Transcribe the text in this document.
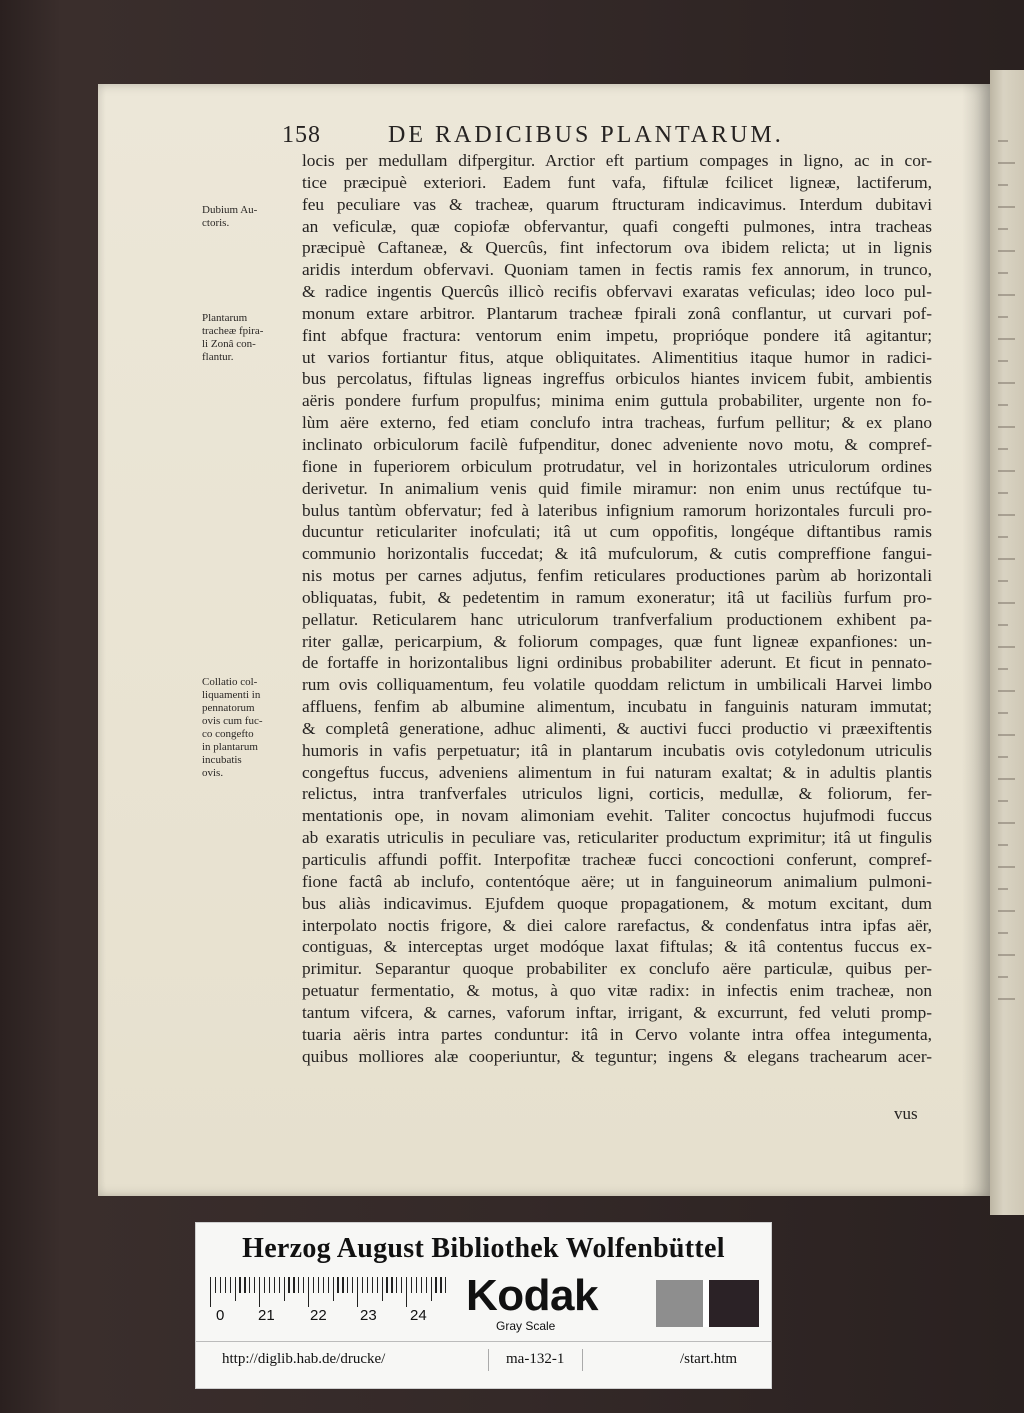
158	DE RADICIBUS PLANTARUM.
locis per medullam difpergitur. Arctior eft partium compages in ligno, ac in cor-
tice præcipuè exteriori. Eadem funt vafa, fiftulæ fcilicet ligneæ, lactiferum,
feu peculiare vas & tracheæ, quarum ftructuram indicavimus. Interdum dubitavi
an veficulæ, quæ copiofæ obfervantur, quafi congefti pulmones, intra tracheas
præcipuè Caftaneæ, & Quercûs, fint infectorum ova ibidem relicta; ut in lignis
aridis interdum obfervavi. Quoniam tamen in fectis ramis fex annorum, in trunco,
& radice ingentis Quercûs illicò recifis obfervavi exaratas veficulas; ideo loco pul-
monum extare arbitror. Plantarum tracheæ fpirali zonâ conflantur, ut curvari pof-
fint abfque fractura: ventorum enim impetu, proprióque pondere itâ agitantur;
ut varios fortiantur fitus, atque obliquitates. Alimentitius itaque humor in radici-
bus percolatus, fiftulas ligneas ingreffus orbiculos hiantes invicem fubit, ambientis
aëris pondere furfum propulfus; minima enim guttula probabiliter, urgente non fo-
lùm aëre externo, fed etiam conclufo intra tracheas, furfum pellitur; & ex plano
inclinato orbiculorum facilè fufpenditur, donec adveniente novo motu, & compref-
fione in fuperiorem orbiculum protrudatur, vel in horizontales utriculorum ordines
derivetur. In animalium venis quid fimile miramur: non enim unus rectúfque tu-
bulus tantùm obfervatur; fed à lateribus infignium ramorum horizontales furculi pro-
ducuntur reticulariter inofculati; itâ ut cum oppofitis, longéque diftantibus ramis
communio horizontalis fuccedat; & itâ mufculorum, & cutis compreffione fangui-
nis motus per carnes adjutus, fenfim reticulares productiones parùm ab horizontali
obliquatas, fubit, & pedetentim in ramum exoneratur; itâ ut faciliùs furfum pro-
pellatur. Reticularem hanc utriculorum tranfverfalium productionem exhibent pa-
riter gallæ, pericarpium, & foliorum compages, quæ funt ligneæ expanfiones: un-
de fortaffe in horizontalibus ligni ordinibus probabiliter aderunt. Et ficut in pennato-
rum ovis colliquamentum, feu volatile quoddam relictum in umbilicali Harvei limbo
affluens, fenfim ab albumine alimentum, incubatu in fanguinis naturam immutat;
& completâ generatione, adhuc alimenti, & auctivi fucci productio vi præexiftentis
humoris in vafis perpetuatur; itâ in plantarum incubatis ovis cotyledonum utriculis
congeftus fuccus, adveniens alimentum in fui naturam exaltat; & in adultis plantis
relictus, intra tranfverfales utriculos ligni, corticis, medullæ, & foliorum, fer-
mentationis ope, in novam alimoniam evehit. Taliter concoctus hujufmodi fuccus
ab exaratis utriculis in peculiare vas, reticulariter productum exprimitur; itâ ut fingulis
particulis affundi poffit. Interpofitæ tracheæ fucci concoctioni conferunt, compref-
fione factâ ab inclufo, contentóque aëre; ut in fanguineorum animalium pulmoni-
bus aliàs indicavimus. Ejufdem quoque propagationem, & motum excitant, dum
interpolato noctis frigore, & diei calore rarefactus, & condenfatus intra ipfas aër,
contiguas, & interceptas urget modóque laxat fiftulas; & itâ contentus fuccus ex-
primitur. Separantur quoque probabiliter ex conclufo aëre particulæ, quibus per-
petuatur fermentatio, & motus, à quo vitæ radix: in infectis enim tracheæ, non
tantum vifcera, & carnes, vaforum inftar, irrigant, & excurrunt, fed veluti promp-
tuaria aëris intra partes conduntur: itâ in Cervo volante intra offea integumenta,
quibus molliores alæ cooperiuntur, & teguntur; ingens & elegans trachearum acer-
Dubium Au-
ctoris.
Plantarum
tracheæ fpira-
li Zonâ con-
flantur.
Collatio col-
liquamenti in
pennatorum
ovis cum fuc-
co congefto
in plantarum
incubatis
ovis.
vus
Herzog August Bibliothek Wolfenbüttel
0 21 22 23 24 Kodak
Gray Scale
http://diglib.hab.de/drucke/	ma-132-1	/start.htm
